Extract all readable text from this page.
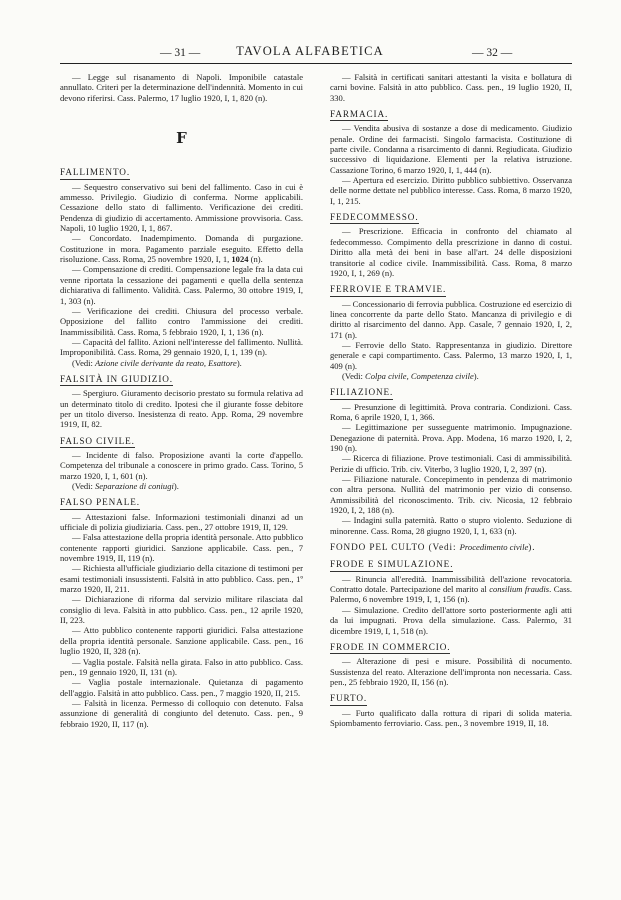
— 31 —	TAVOLA ALFABETICA	— 32 —

— Legge sul risanamento di Napoli. Imponibile catastale annullato. Criteri per la determinazione dell'indennità. Momento in cui devono riferirsi. Cass. Palermo, 17 luglio 1920, I, 1, 820 (n).

F
FALLIMENTO.

— Sequestro conservativo sui beni del fallimento. Caso in cui è ammesso. Privilegio. Giudizio di conferma. Norme applicabili. Cessazione dello stato di fallimento. Verificazione dei crediti. Pendenza di giudizio di accertamento. Ammissione provvisoria. Cass. Napoli, 10 luglio 1920, I, 1, 867.

— Concordato. Inadempimento. Domanda di purgazione. Costituzione in mora. Pagamento parziale eseguito. Effetto della risoluzione. Cass. Roma, 25 novembre 1920, I, 1, 1024 (n).

— Compensazione di crediti. Compensazione legale fra la data cui venne riportata la cessazione dei pagamenti e quella della sentenza dichiarativa di fallimento. Validità. Cass. Palermo, 30 ottobre 1919, I, 1, 303 (n).

— Verificazione dei crediti. Chiusura del processo verbale. Opposizione del fallito contro l'ammissione dei crediti. Inammissibilità. Cass. Roma, 5 febbraio 1920, I, 1, 136 (n).

— Capacità del fallito. Azioni nell'interesse del fallimento. Nullità. Improponibilità. Cass. Roma, 29 gennaio 1920, I, 1, 139 (n).

(Vedi: Azione civile derivante da reato, Esattore).

FALSITÀ IN GIUDIZIO.

— Spergiuro. Giuramento decisorio prestato su formula relativa ad un determinato titolo di credito. Ipotesi che il giurante fosse debitore per un titolo diverso. Inesistenza di reato. App. Roma, 29 novembre 1919, II, 82.

FALSO CIVILE.

— Incidente di falso. Proposizione avanti la corte d'appello. Competenza del tribunale a conoscere in primo grado. Cass. Torino, 5 marzo 1920, I, 1, 601 (n).

(Vedi: Separazione di coniugi).

FALSO PENALE.

— Attestazioni false. Informazioni testimoniali dinanzi ad un ufficiale di polizia giudiziaria. Cass. pen., 27 ottobre 1919, II, 129.

— Falsa attestazione della propria identità personale. Atto pubblico contenente rapporti giuridici. Sanzione applicabile. Cass. pen., 7 novembre 1919, II, 119 (n).

— Richiesta all'ufficiale giudiziario della citazione di testimoni per esami testimoniali insussistenti. Falsità in atto pubblico. Cass. pen., 1º marzo 1920, II, 211.

— Dichiarazione di riforma dal servizio militare rilasciata dal consiglio di leva. Falsità in atto pubblico. Cass. pen., 12 aprile 1920, II, 223.

— Atto pubblico contenente rapporti giuridici. Falsa attestazione della propria identità personale. Sanzione applicabile. Cass. pen., 16 luglio 1920, II, 328 (n).

— Vaglia postale. Falsità nella girata. Falso in atto pubblico. Cass. pen., 19 gennaio 1920, II, 131 (n).

— Vaglia postale internazionale. Quietanza di pagamento dell'aggio. Falsità in atto pubblico. Cass. pen., 7 maggio 1920, II, 215.

— Falsità in licenza. Permesso di colloquio con detenuto. Falsa assunzione di generalità di congiunto del detenuto. Cass. pen., 9 febbraio 1920, II, 117 (n).

— Falsità in certificati sanitari attestanti la visita e bollatura di carni bovine. Falsità in atto pubblico. Cass. pen., 19 luglio 1920, II, 330.

FARMACIA.

— Vendita abusiva di sostanze a dose di medicamento. Giudizio penale. Ordine dei farmacisti. Singolo farmacista. Costituzione di parte civile. Condanna a risarcimento di danni. Regiudicata. Giudizio successivo di liquidazione. Elementi per la relativa istruzione. Cassazione Torino, 6 marzo 1920, I, 1, 444 (n).

— Apertura ed esercizio. Diritto pubblico subbiettivo. Osservanza delle norme dettate nel pubblico interesse. Cass. Roma, 8 marzo 1920, I, 1, 215.

FEDECOMMESSO.

— Prescrizione. Efficacia in confronto del chiamato al fedecommesso. Compimento della prescrizione in danno di costui. Diritto alla metà dei beni in base all'art. 24 delle disposizioni transitorie al codice civile. Inammissibilità. Cass. Roma, 8 marzo 1920, I, 1, 269 (n).

FERROVIE E TRAMVIE.

— Concessionario di ferrovia pubblica. Costruzione ed esercizio di linea concorrente da parte dello Stato. Mancanza di privilegio e di diritto al risarcimento del danno. App. Casale, 7 gennaio 1920, I, 2, 171 (n).

— Ferrovie dello Stato. Rappresentanza in giudizio. Direttore generale e capi compartimento. Cass. Palermo, 13 marzo 1920, I, 1, 409 (n).

(Vedi: Colpa civile, Competenza civile).

FILIAZIONE.

— Presunzione di legittimità. Prova contraria. Condizioni. Cass. Roma, 6 aprile 1920, I, 1, 366.

— Legittimazione per susseguente matrimonio. Impugnazione. Denegazione di paternità. Prova. App. Modena, 16 marzo 1920, I, 2, 190 (n).

— Ricerca di filiazione. Prove testimoniali. Casi di ammissibilità. Perizie di ufficio. Trib. civ. Viterbo, 3 luglio 1920, I, 2, 397 (n).

— Filiazione naturale. Concepimento in pendenza di matrimonio con altra persona. Nullità del matrimonio per vizio di consenso. Ammissibilità del riconoscimento. Trib. civ. Nicosia, 12 febbraio 1920, I, 2, 188 (n).

— Indagini sulla paternità. Ratto o stupro violento. Seduzione di minorenne. Cass. Roma, 28 giugno 1920, I, 1, 633 (n).

FONDO PEL CULTO (Vedi: Procedimento civile).
FRODE E SIMULAZIONE.

— Rinuncia all'eredità. Inammissibilità dell'azione revocatoria. Contratto dotale. Partecipazione del marito al consilium fraudis. Cass. Palermo, 6 novembre 1919, I, 1, 156 (n).

— Simulazione. Credito dell'attore sorto posteriormente agli atti da lui impugnati. Prova della simulazione. Cass. Palermo, 31 dicembre 1919, I, 1, 518 (n).

FRODE IN COMMERCIO.

— Alterazione di pesi e misure. Possibilità di nocumento. Sussistenza del reato. Alterazione dell'impronta non necessaria. Cass. pen., 25 febbraio 1920, II, 156 (n).

FURTO.

— Furto qualificato dalla rottura di ripari di solida materia. Spiombamento ferroviario. Cass. pen., 3 novembre 1919, II, 18.
